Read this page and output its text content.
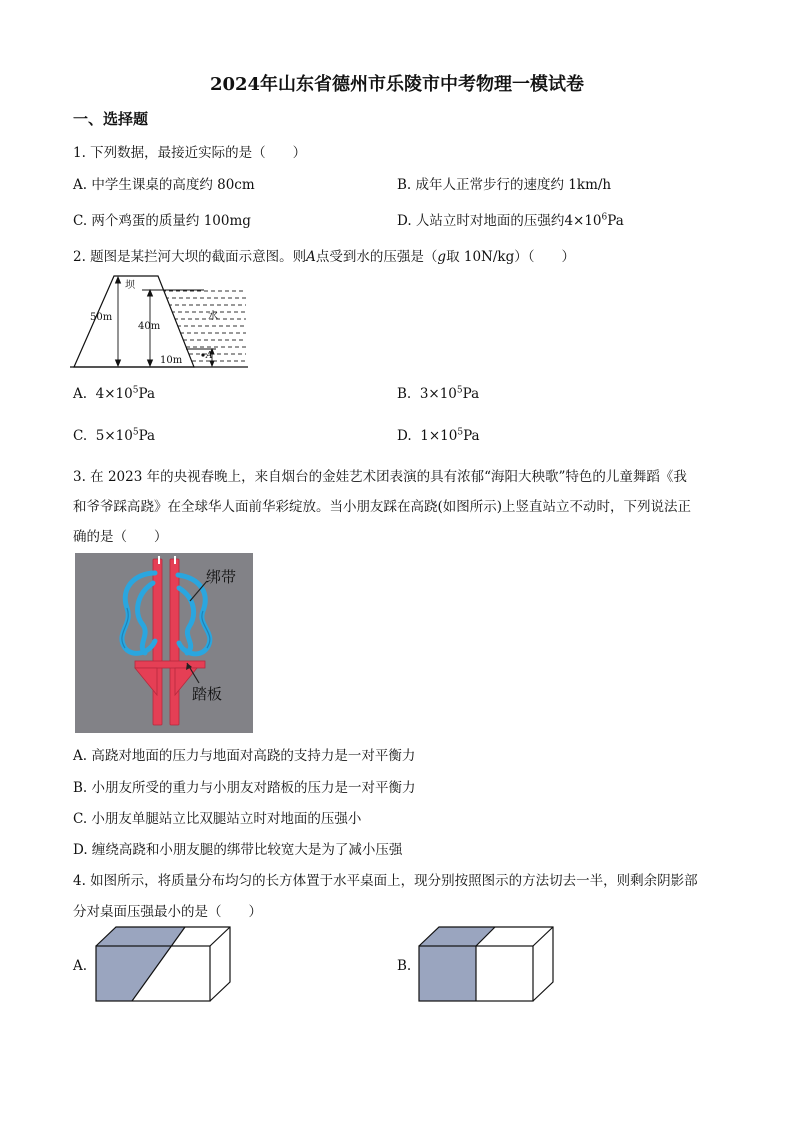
2024年山东省德州市乐陵市中考物理一模试卷
一、选择题
1. 下列数据，最接近实际的是（　　）
A. 中学生课桌的高度约 80cm	B. 成年人正常步行的速度约 1km/h
C. 两个鸡蛋的质量约 100mg	D. 人站立时对地面的压强约$4\times 10^6Pa$
2. 题图是某拦河大坝的截面示意图。则A点受到水的压强是（g取 10N/kg）（　　）
坝
水
50m
40m
10m	A
A. $4\times 10^5Pa$	B. $3\times 10^5Pa$
C. $5\times 10^5Pa$	D. $1\times 10^5Pa$
3. 在 2023 年的央视春晚上，来自烟台的金娃艺术团表演的具有浓郁“海阳大秧歌”特色的儿童舞蹈《我
和爷爷踩高跷》在全球华人面前华彩绽放。当小朋友踩在高跷(如图所示)上竖直站立不动时，下列说法正
确的是（　　）
绑带
踏板
A. 高跷对地面的压力与地面对高跷的支持力是一对平衡力
B. 小朋友所受的重力与小朋友对踏板的压力是一对平衡力
C. 小朋友单腿站立比双腿站立时对地面的压强小
D. 缠绕高跷和小朋友腿的绑带比较宽大是为了减小压强
4. 如图所示，将质量分布均匀的长方体置于水平桌面上，现分别按照图示的方法切去一半，则剩余阴影部
分对桌面压强最小的是（　　）
A.	B.
